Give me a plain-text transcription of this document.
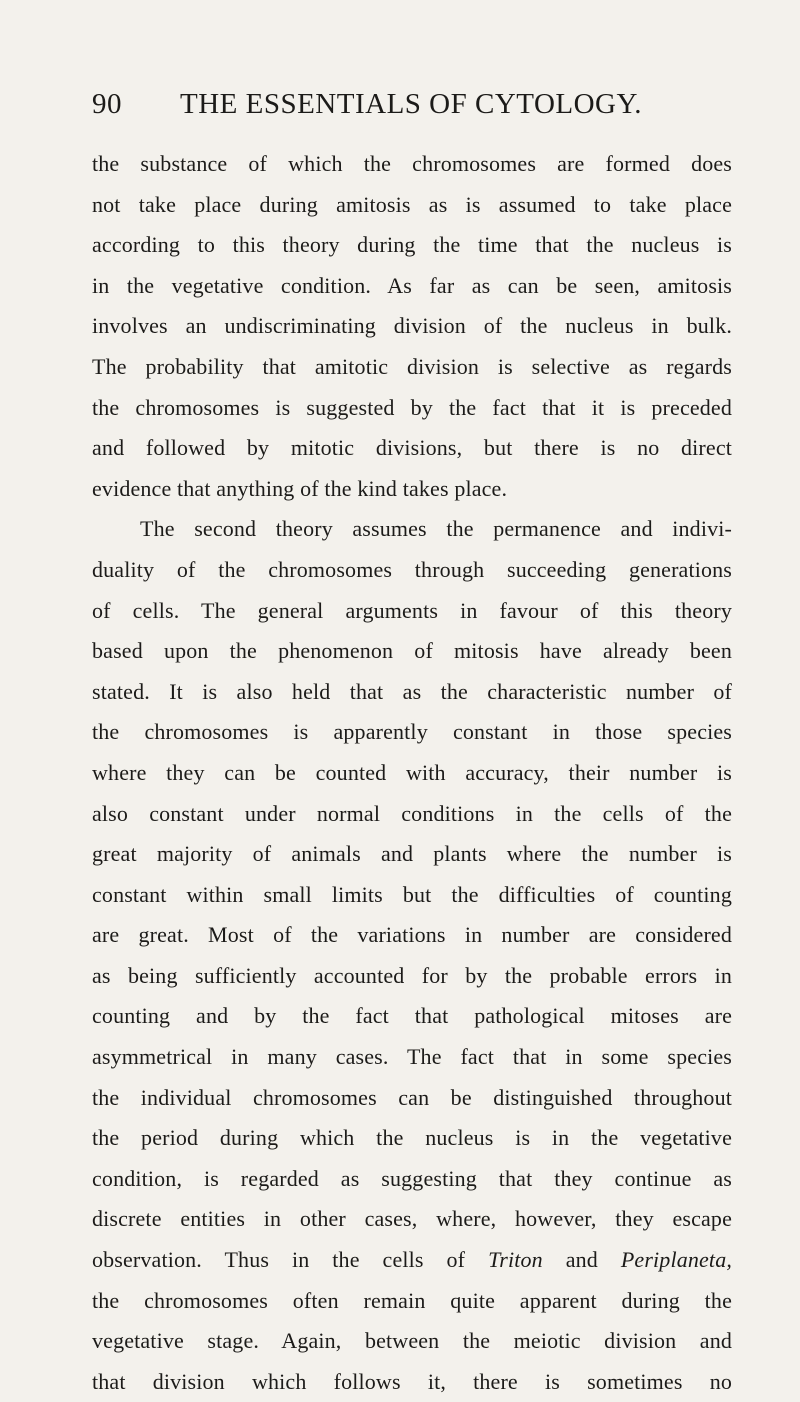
90 THE ESSENTIALS OF CYTOLOGY.
the substance of which the chromosomes are formed does
not take place during amitosis as is assumed to take place
according to this theory during the time that the nucleus is
in the vegetative condition. As far as can be seen, amitosis
involves an undiscriminating division of the nucleus in bulk.
The probability that amitotic division is selective as regards
the chromosomes is suggested by the fact that it is preceded
and followed by mitotic divisions, but there is no direct
evidence that anything of the kind takes place.
The second theory assumes the permanence and indivi-
duality of the chromosomes through succeeding generations
of cells. The general arguments in favour of this theory
based upon the phenomenon of mitosis have already been
stated. It is also held that as the characteristic number of
the chromosomes is apparently constant in those species
where they can be counted with accuracy, their number is
also constant under normal conditions in the cells of the
great majority of animals and plants where the number is
constant within small limits but the difficulties of counting
are great. Most of the variations in number are considered
as being sufficiently accounted for by the probable errors in
counting and by the fact that pathological mitoses are
asymmetrical in many cases. The fact that in some species
the individual chromosomes can be distinguished throughout
the period during which the nucleus is in the vegetative
condition, is regarded as suggesting that they continue as
discrete entities in other cases, where, however, they escape
observation. Thus in the cells of Triton and Periplaneta,
the chromosomes often remain quite apparent during the
vegetative stage. Again, between the meiotic division and
that division which follows it, there is sometimes no
